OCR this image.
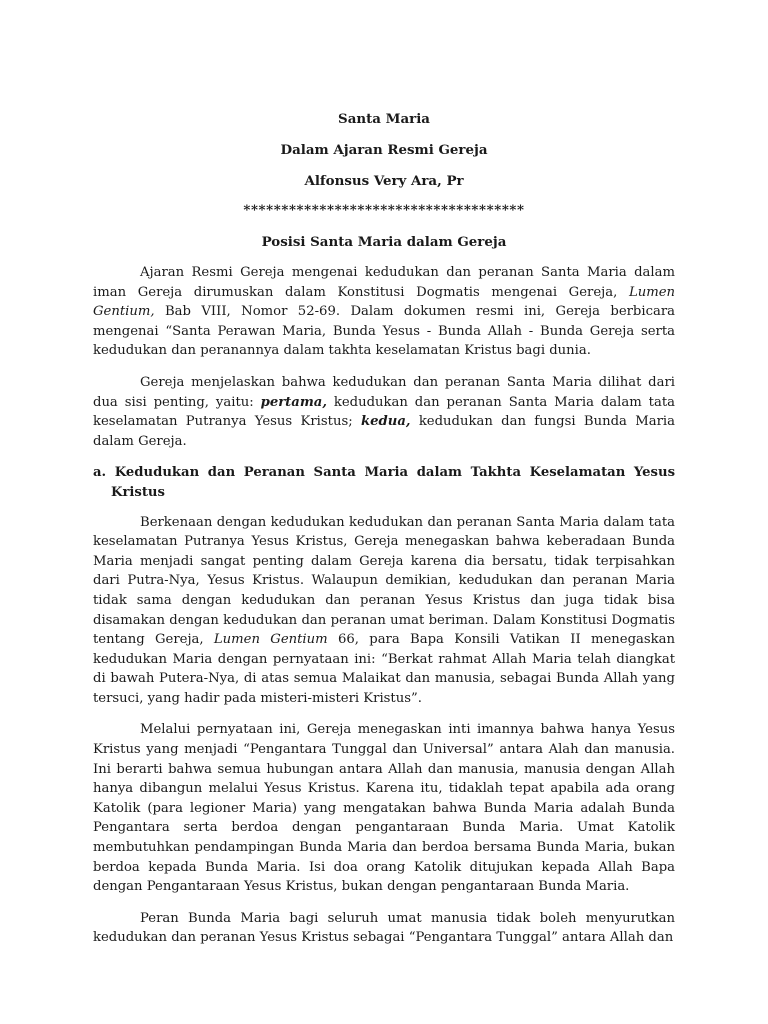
Santa Maria
Dalam Ajaran Resmi Gereja
Alfonsus Very Ara, Pr
*************************************
Posisi Santa Maria dalam Gereja

Ajaran Resmi Gereja mengenai kedudukan dan peranan Santa Maria dalam iman Gereja dirumuskan dalam Konstitusi Dogmatis mengenai Gereja, Lumen Gentium, Bab VIII, Nomor 52-69. Dalam dokumen resmi ini, Gereja berbicara mengenai “Santa Perawan Maria, Bunda Yesus - Bunda Allah - Bunda Gereja serta kedudukan dan peranannya dalam takhta keselamatan Kristus bagi dunia.

Gereja menjelaskan bahwa kedudukan dan peranan Santa Maria dilihat dari dua sisi penting, yaitu: pertama, kedudukan dan peranan Santa Maria dalam tata keselamatan Putranya Yesus Kristus; kedua, kedudukan dan fungsi Bunda Maria dalam Gereja.

a. Kedudukan dan Peranan Santa Maria dalam Takhta Keselamatan Yesus Kristus

Berkenaan dengan kedudukan kedudukan dan peranan Santa Maria dalam tata keselamatan Putranya Yesus Kristus, Gereja menegaskan bahwa keberadaan Bunda Maria menjadi sangat penting dalam Gereja karena dia bersatu, tidak terpisahkan dari Putra-Nya, Yesus Kristus. Walaupun demikian, kedudukan dan peranan Maria tidak sama dengan kedudukan dan peranan Yesus Kristus dan juga tidak bisa disamakan dengan kedudukan dan peranan umat beriman. Dalam Konstitusi Dogmatis tentang Gereja, Lumen Gentium 66, para Bapa Konsili Vatikan II menegaskan kedudukan Maria dengan pernyataan ini: “Berkat rahmat Allah Maria telah diangkat di bawah Putera-Nya, di atas semua Malaikat dan manusia, sebagai Bunda Allah yang tersuci, yang hadir pada misteri-misteri Kristus”.

Melalui pernyataan ini, Gereja menegaskan inti imannya bahwa hanya Yesus Kristus yang menjadi “Pengantara Tunggal dan Universal” antara Alah dan manusia. Ini berarti bahwa semua hubungan antara Allah dan manusia, manusia dengan Allah hanya dibangun melalui Yesus Kristus. Karena itu, tidaklah tepat apabila ada orang Katolik (para legioner Maria) yang mengatakan bahwa Bunda Maria adalah Bunda Pengantara serta berdoa dengan pengantaraan Bunda Maria. Umat Katolik membutuhkan pendampingan Bunda Maria dan berdoa bersama Bunda Maria, bukan berdoa kepada Bunda Maria. Isi doa orang Katolik ditujukan kepada Allah Bapa dengan Pengantaraan Yesus Kristus, bukan dengan pengantaraan Bunda Maria.

Peran Bunda Maria bagi seluruh umat manusia tidak boleh menyurutkan kedudukan dan peranan Yesus Kristus sebagai “Pengantara Tunggal” antara Allah dan
